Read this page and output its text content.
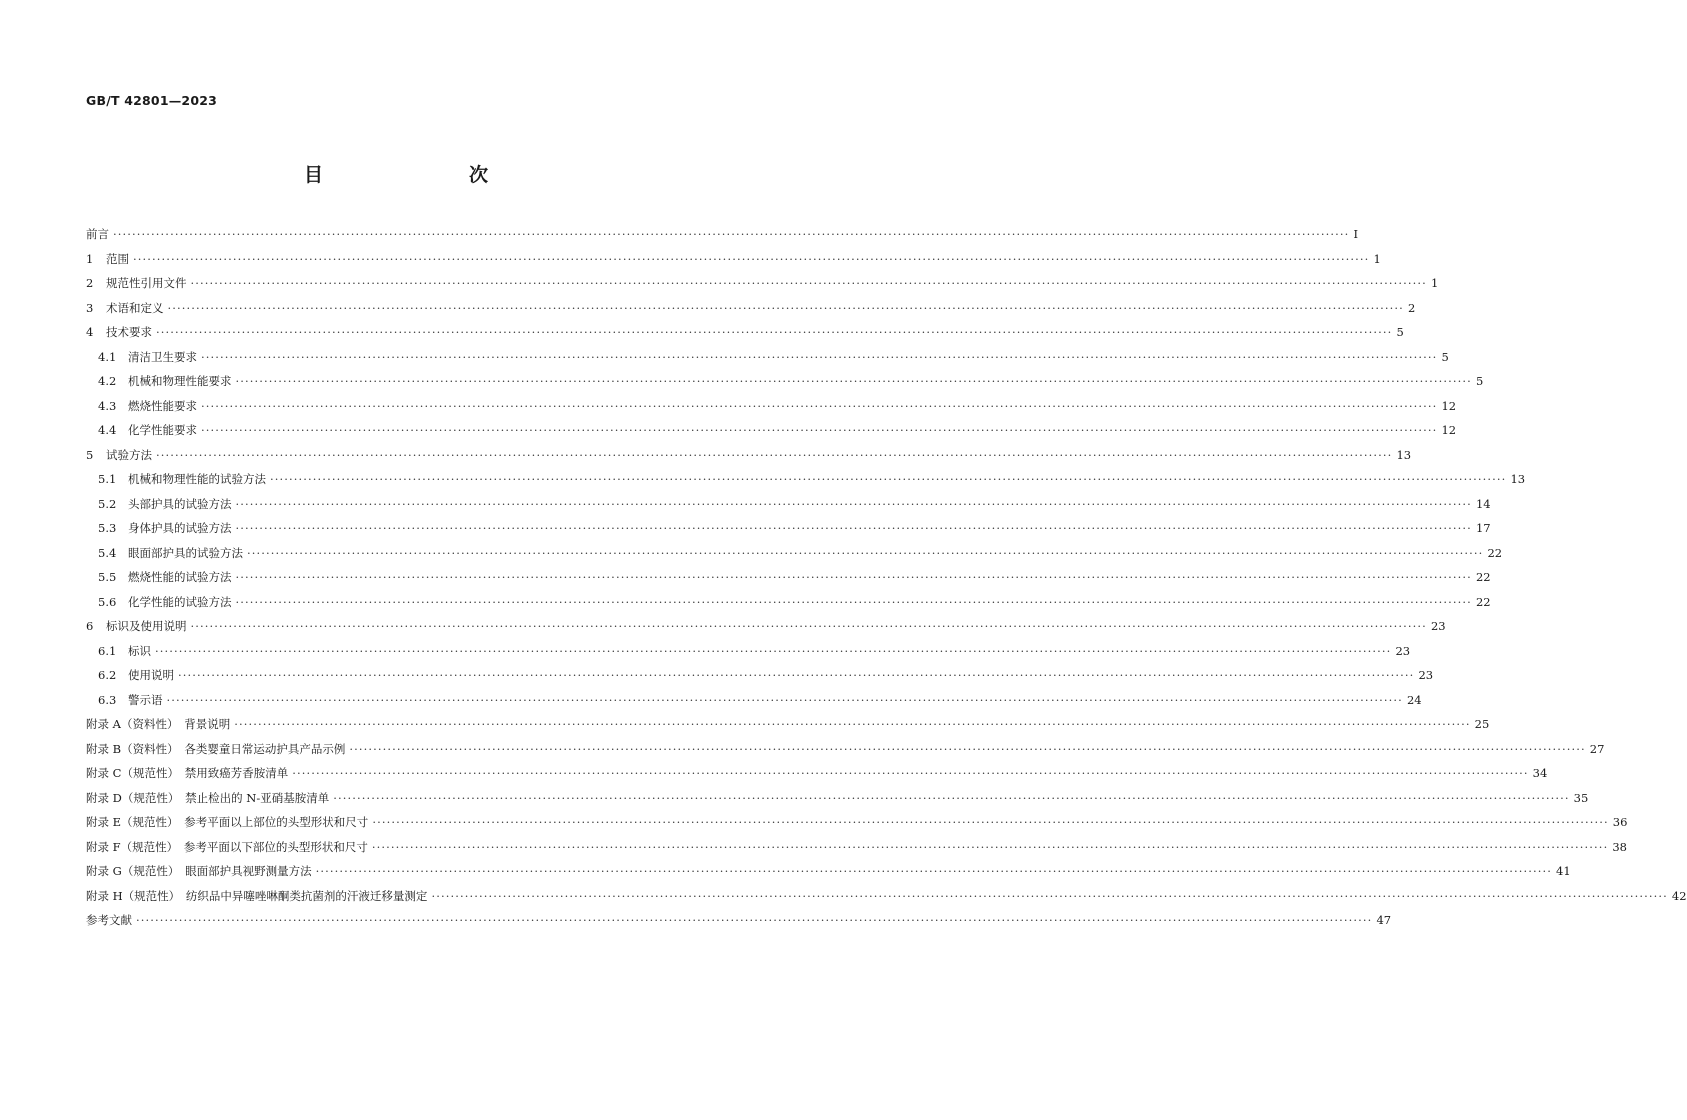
GB/T 42801—2023
目　　次
前言 ···································································································································································································································································· Ⅰ
1	范围 ···································································································································································································································································· 1
2	规范性引用文件 ···································································································································································································································································· 1
3	术语和定义 ···································································································································································································································································· 2
4	技术要求 ···································································································································································································································································· 5
4.1	清洁卫生要求 ···································································································································································································································································· 5
4.2	机械和物理性能要求 ···································································································································································································································································· 5
4.3	燃烧性能要求 ···································································································································································································································································· 12
4.4	化学性能要求 ···································································································································································································································································· 12
5	试验方法 ···································································································································································································································································· 13
5.1	机械和物理性能的试验方法 ···································································································································································································································································· 13
5.2	头部护具的试验方法 ···································································································································································································································································· 14
5.3	身体护具的试验方法 ···································································································································································································································································· 17
5.4	眼面部护具的试验方法 ···································································································································································································································································· 22
5.5	燃烧性能的试验方法 ···································································································································································································································································· 22
5.6	化学性能的试验方法 ···································································································································································································································································· 22
6	标识及使用说明 ···································································································································································································································································· 23
6.1	标识 ···································································································································································································································································· 23
6.2	使用说明 ···································································································································································································································································· 23
6.3	警示语 ···································································································································································································································································· 24
附录 A（资料性）　背景说明 ···································································································································································································································································· 25
附录 B（资料性）　各类婴童日常运动护具产品示例 ···································································································································································································································································· 27
附录 C（规范性）　禁用致癌芳香胺清单 ···································································································································································································································································· 34
附录 D（规范性）　禁止检出的 N-亚硝基胺清单 ···································································································································································································································································· 35
附录 E（规范性）　参考平面以上部位的头型形状和尺寸 ···································································································································································································································································· 36
附录 F（规范性）　参考平面以下部位的头型形状和尺寸 ···································································································································································································································································· 38
附录 G（规范性）　眼面部护具视野测量方法 ···································································································································································································································································· 41
附录 H（规范性）　纺织品中异噻唑啉酮类抗菌剂的汗液迁移量测定 ···································································································································································································································································· 42
参考文献 ···································································································································································································································································· 47
